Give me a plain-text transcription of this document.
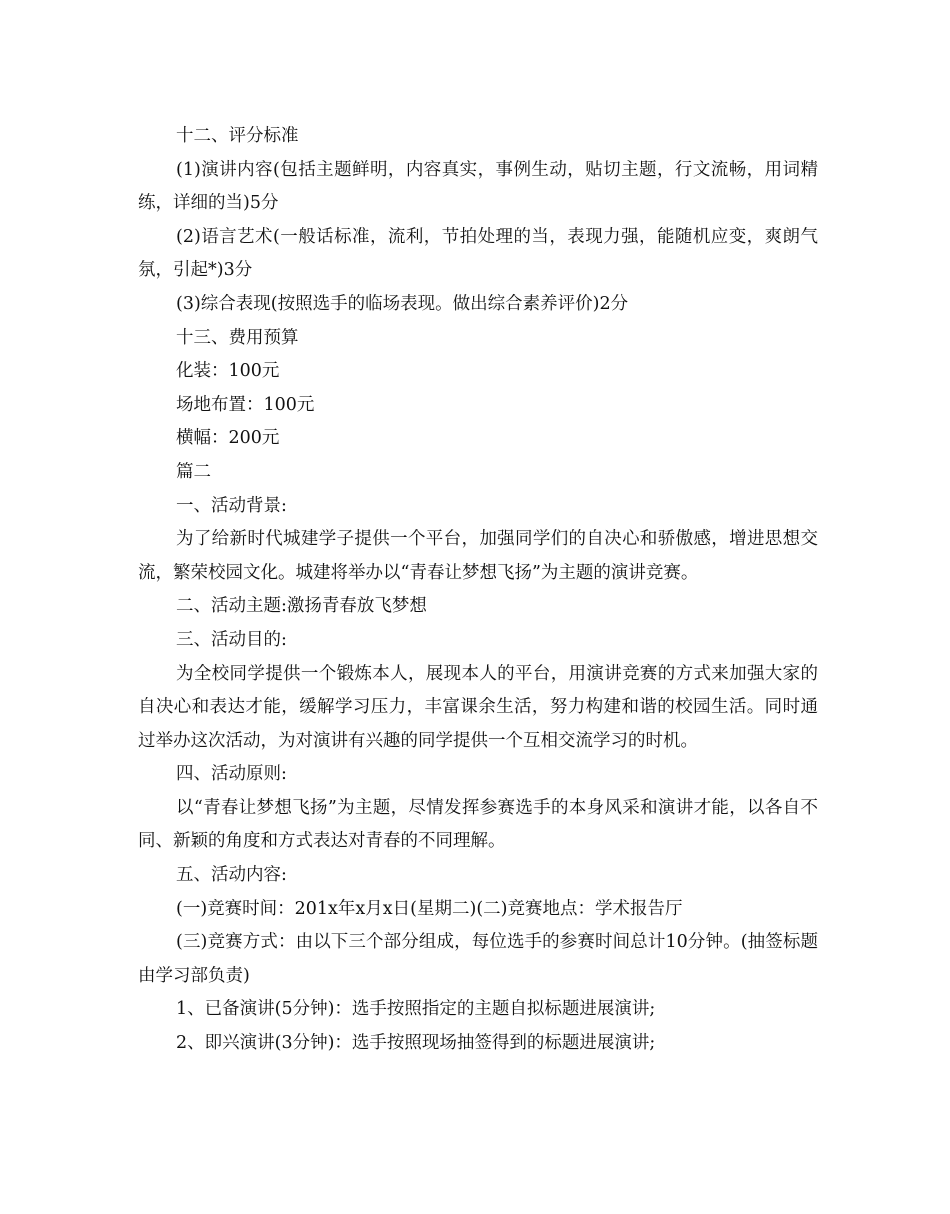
十二、评分标准

(1)演讲内容(包括主题鲜明，内容真实，事例生动，贴切主题，行文流畅，用词精练，详细的当)5分

(2)语言艺术(一般话标准，流利，节拍处理的当，表现力强，能随机应变，爽朗气氛，引起*)3分

(3)综合表现(按照选手的临场表现。做出综合素养评价)2分

十三、费用预算

化装：100元

场地布置：100元

横幅：200元

篇二

一、活动背景:

为了给新时代城建学子提供一个平台，加强同学们的自决心和骄傲感，增进思想交流，繁荣校园文化。城建将举办以“青春让梦想飞扬”为主题的演讲竞赛。

二、活动主题:激扬青春放飞梦想

三、活动目的:

为全校同学提供一个锻炼本人，展现本人的平台，用演讲竞赛的方式来加强大家的自决心和表达才能，缓解学习压力，丰富课余生活，努力构建和谐的校园生活。同时通过举办这次活动，为对演讲有兴趣的同学提供一个互相交流学习的时机。

四、活动原则:

以“青春让梦想飞扬”为主题，尽情发挥参赛选手的本身风采和演讲才能，以各自不同、新颖的角度和方式表达对青春的不同理解。

五、活动内容:

(一)竞赛时间：201x年x月x日(星期二)(二)竞赛地点：学术报告厅

(三)竞赛方式：由以下三个部分组成，每位选手的参赛时间总计10分钟。(抽签标题由学习部负责)

1、已备演讲(5分钟)：选手按照指定的主题自拟标题进展演讲;

2、即兴演讲(3分钟)：选手按照现场抽签得到的标题进展演讲;
